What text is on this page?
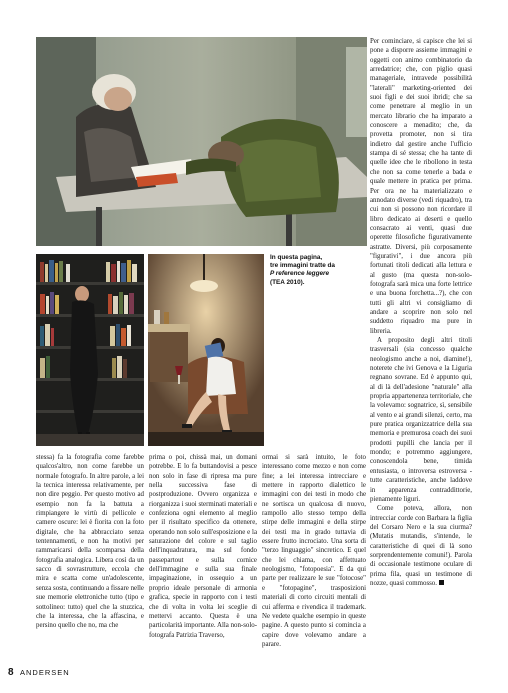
In questa pagina,
tre immagini tratte da
P reference leggere
(TEA 2010).

Per cominciare, si capisce che lei si pone a disporre assieme immagini e oggetti con animo combinatorio da arredatrice; che, con piglio quasi manageriale, intravede possibilità "laterali" marketing-oriented dei suoi figli e dei suoi ibridi; che sa come penetrare al meglio in un mercato librario che ha imparato a conoscere a menadito; che, da provetta promoter, non si tira indietro dal gestire anche l'ufficio stampa di sé stessa; che ha tante di quelle idee che le ribollono in testa che non sa come tenerle a bada e quale mettere in pratica per prima. Per ora ne ha materializzato e annodato diverse (vedi riquadro), tra cui non si possono non ricordare il libro dedicato ai deserti e quello consacrato ai venti, quasi due operette filosofiche figurativamente astratte. Diversi, più corposamente "figurativi", i due ancora più fortunati titoli dedicati alla lettura e al gusto (ma questa non-solo-fotografa sarà mica una forte lettrice e una buona forchetta...?), che con tutti gli altri vi consigliamo di andare a scoprire non solo nel suddetto riquadro ma pure in libreria.

A proposito degli altri titoli trasversali (sia concesso qualche neologismo anche a noi, diamine!), noterete che ivi Genova e la Liguria regnano sovrane. Ed è appunto qui, al di là dell'adesione "naturale" alla propria appartenenza territoriale, che la volevamo: sognatrice, sì, sensibile al vento e ai grandi silenzi, certo, ma pure pratica organizzatrice della sua memoria e premurosa coach dei suoi prodotti pupilli che lancia per il mondo; e potremmo aggiungere, conoscendola bene, timida entusiasta, o introversa estroversa - tutte caratteristiche, anche laddove in apparenza contraddittorie, pienamente liguri.

Come poteva, allora, non intrecciar corde con Barbara la figlia del Corsaro Nero e la sua ciurma? (Mutatis mutandis, s'intende, le caratteristiche di quei di là sono sorprendentemente comuni!). Parola di occasionale testimone oculare di prima fila, quasi un testimone di nozze, quasi commosso.

stessa) fa la fotografia come farebbe qualcos'altro, non come farebbe un normale fotografo. In altre parole, a lei la tecnica interessa relativamente, per non dire peggio. Per questo motivo ad esempio non fa la battuta a rimpiangere le virtù di pellicole e camere oscure: lei è fiorita con la foto digitale, che ha abbracciato senza tentennamenti, e non ha motivi per rammaricarsi della scomparsa della fotografia analogica. Libera così da un sacco di sovrastrutture, eccola che mira e scatta come un'adolescente, senza sosta, continuando a fissare nelle sue memorie elettroniche tutto (tipo e sottolineo: tutto) quel che la stuzzica, che la interessa, che la affascina, e persino quello che no, ma che

prima o poi, chissà mai, un domani potrebbe. E lo fa buttandovisi a pesce non solo in fase di ripresa ma pure nella successiva fase di postproduzione. Ovvero organizza e riorganizza i suoi sterminati materiali e confeziona ogni elemento al meglio per il risultato specifico da ottenere, operando non solo sull'esposizione e la saturazione del colore e sul taglio dell'inquadratura, ma sul fondo passepartout e sulla cornice dell'immagine e sulla sua finale impaginazione, in ossequio a un proprio ideale personale di armonia grafica, specie in rapporto con i testi che di volta in volta lei sceglie di mettervi accanto. Questa è una particolarità importante. Alla non-solo-fotografa Patrizia Traverso,

ormai si sarà intuito, le foto interessano come mezzo e non come fine; a lei interessa intrecciare e mettere in rapporto dialettico le immagini con dei testi in modo che ne sortisca un qualcosa di nuovo, rampollo allo stesso tempo della stirpe delle immagini e della stirpe dei testi ma in grado tuttavia di essere frutto incrociato. Una sorta di "terzo linguaggio" sincretico. E quel che lei chiama, con affettuato neologismo, "fotopoesia". E da qui parte per realizzare le sue "fotocose" e "fotopagine", trasposizioni materiali di corto circuiti mentali di cui afferma e rivendica il trademark. Ne vedete qualche esempio in queste pagine. A questo punto si comincia a capire dove volevamo andare a parare.

8 ANDERSEN
